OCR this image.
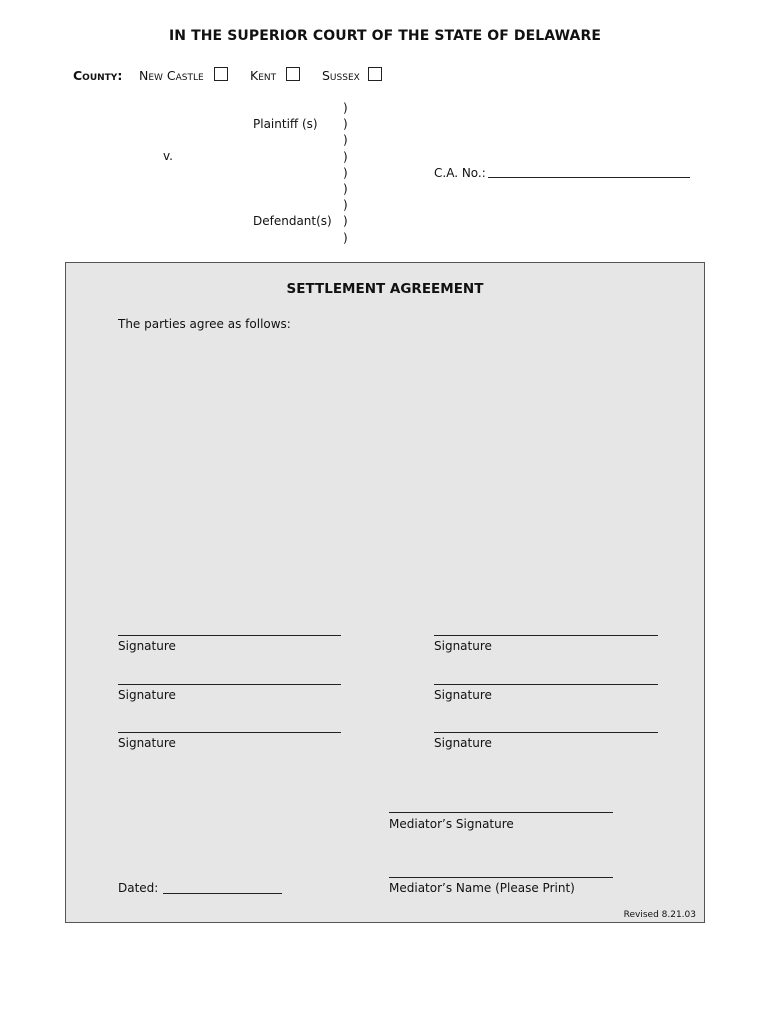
IN THE SUPERIOR COURT OF THE STATE OF DELAWARE
County: New Castle	Kent	Sussex
Plaintiff (s)
v.
Defendant(s)
)
)
)
)
)
)
)
)
)
C.A. No.:
SETTLEMENT AGREEMENT
The parties agree as follows:
Signature	Signature
Signature	Signature
Signature	Signature
Mediator’s Signature
Dated:	Mediator’s Name (Please Print)
Revised 8.21.03
